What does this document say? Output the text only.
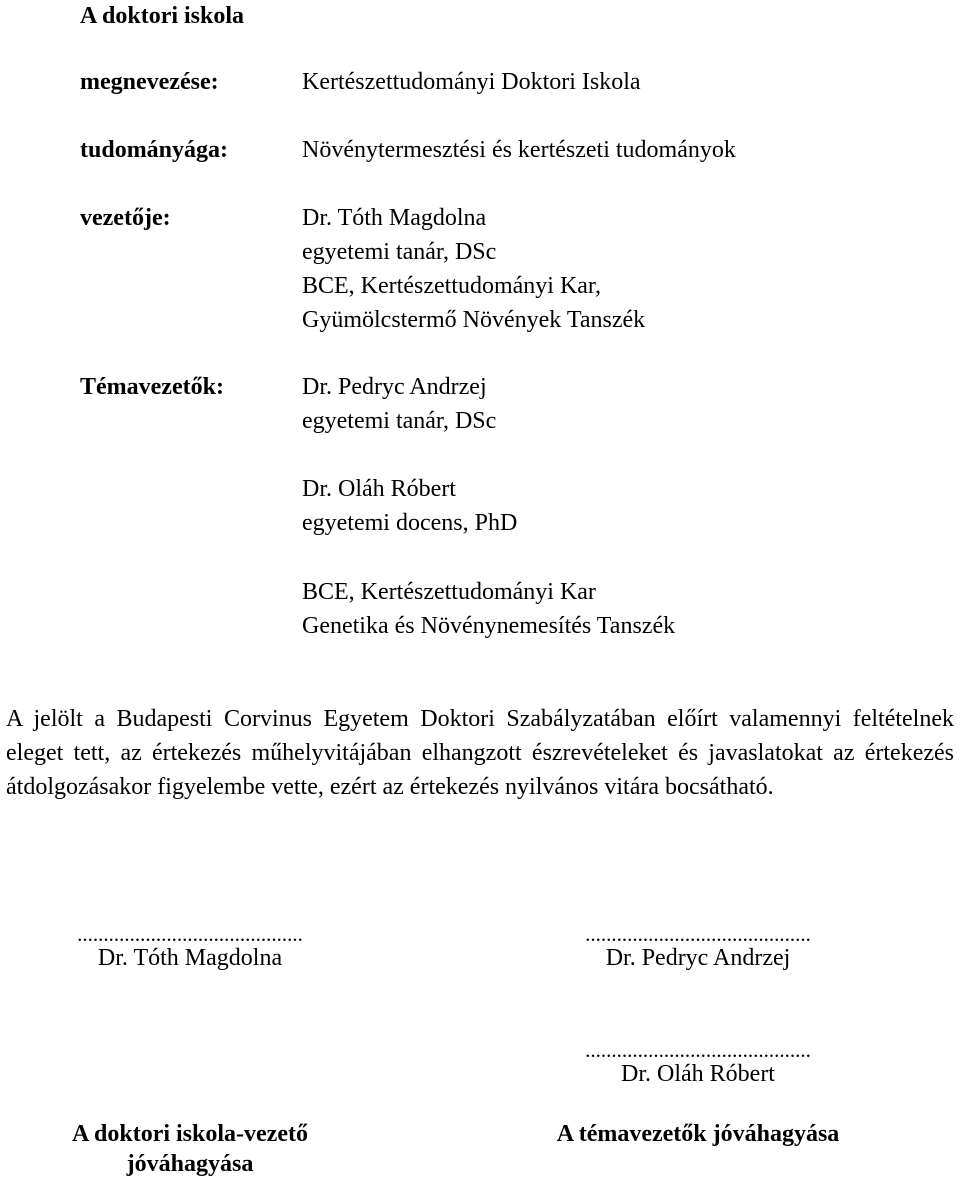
A doktori iskola
megnevezése:	Kertészettudományi Doktori Iskola
tudományága:	Növénytermesztési és kertészeti tudományok
vezetője:	Dr. Tóth Magdolna
egyetemi tanár, DSc
BCE, Kertészettudományi Kar,
Gyümölcstermő Növények Tanszék
Témavezetők:	Dr. Pedryc Andrzej
egyetemi tanár, DSc
Dr. Oláh Róbert
egyetemi docens, PhD
BCE, Kertészettudományi Kar
Genetika és Növénynemesítés Tanszék

A jelölt a Budapesti Corvinus Egyetem Doktori Szabályzatában előírt valamennyi feltételnek eleget tett, az értekezés műhelyvitájában elhangzott észrevételeket és javaslatokat az értekezés átdolgozásakor figyelembe vette, ezért az értekezés nyilvános vitára bocsátható.

...........................................
Dr. Tóth Magdolna
...........................................
Dr. Pedryc Andrzej
...........................................
Dr. Oláh Róbert
A doktori iskola-vezető
jóváhagyása
A témavezetők jóváhagyása
